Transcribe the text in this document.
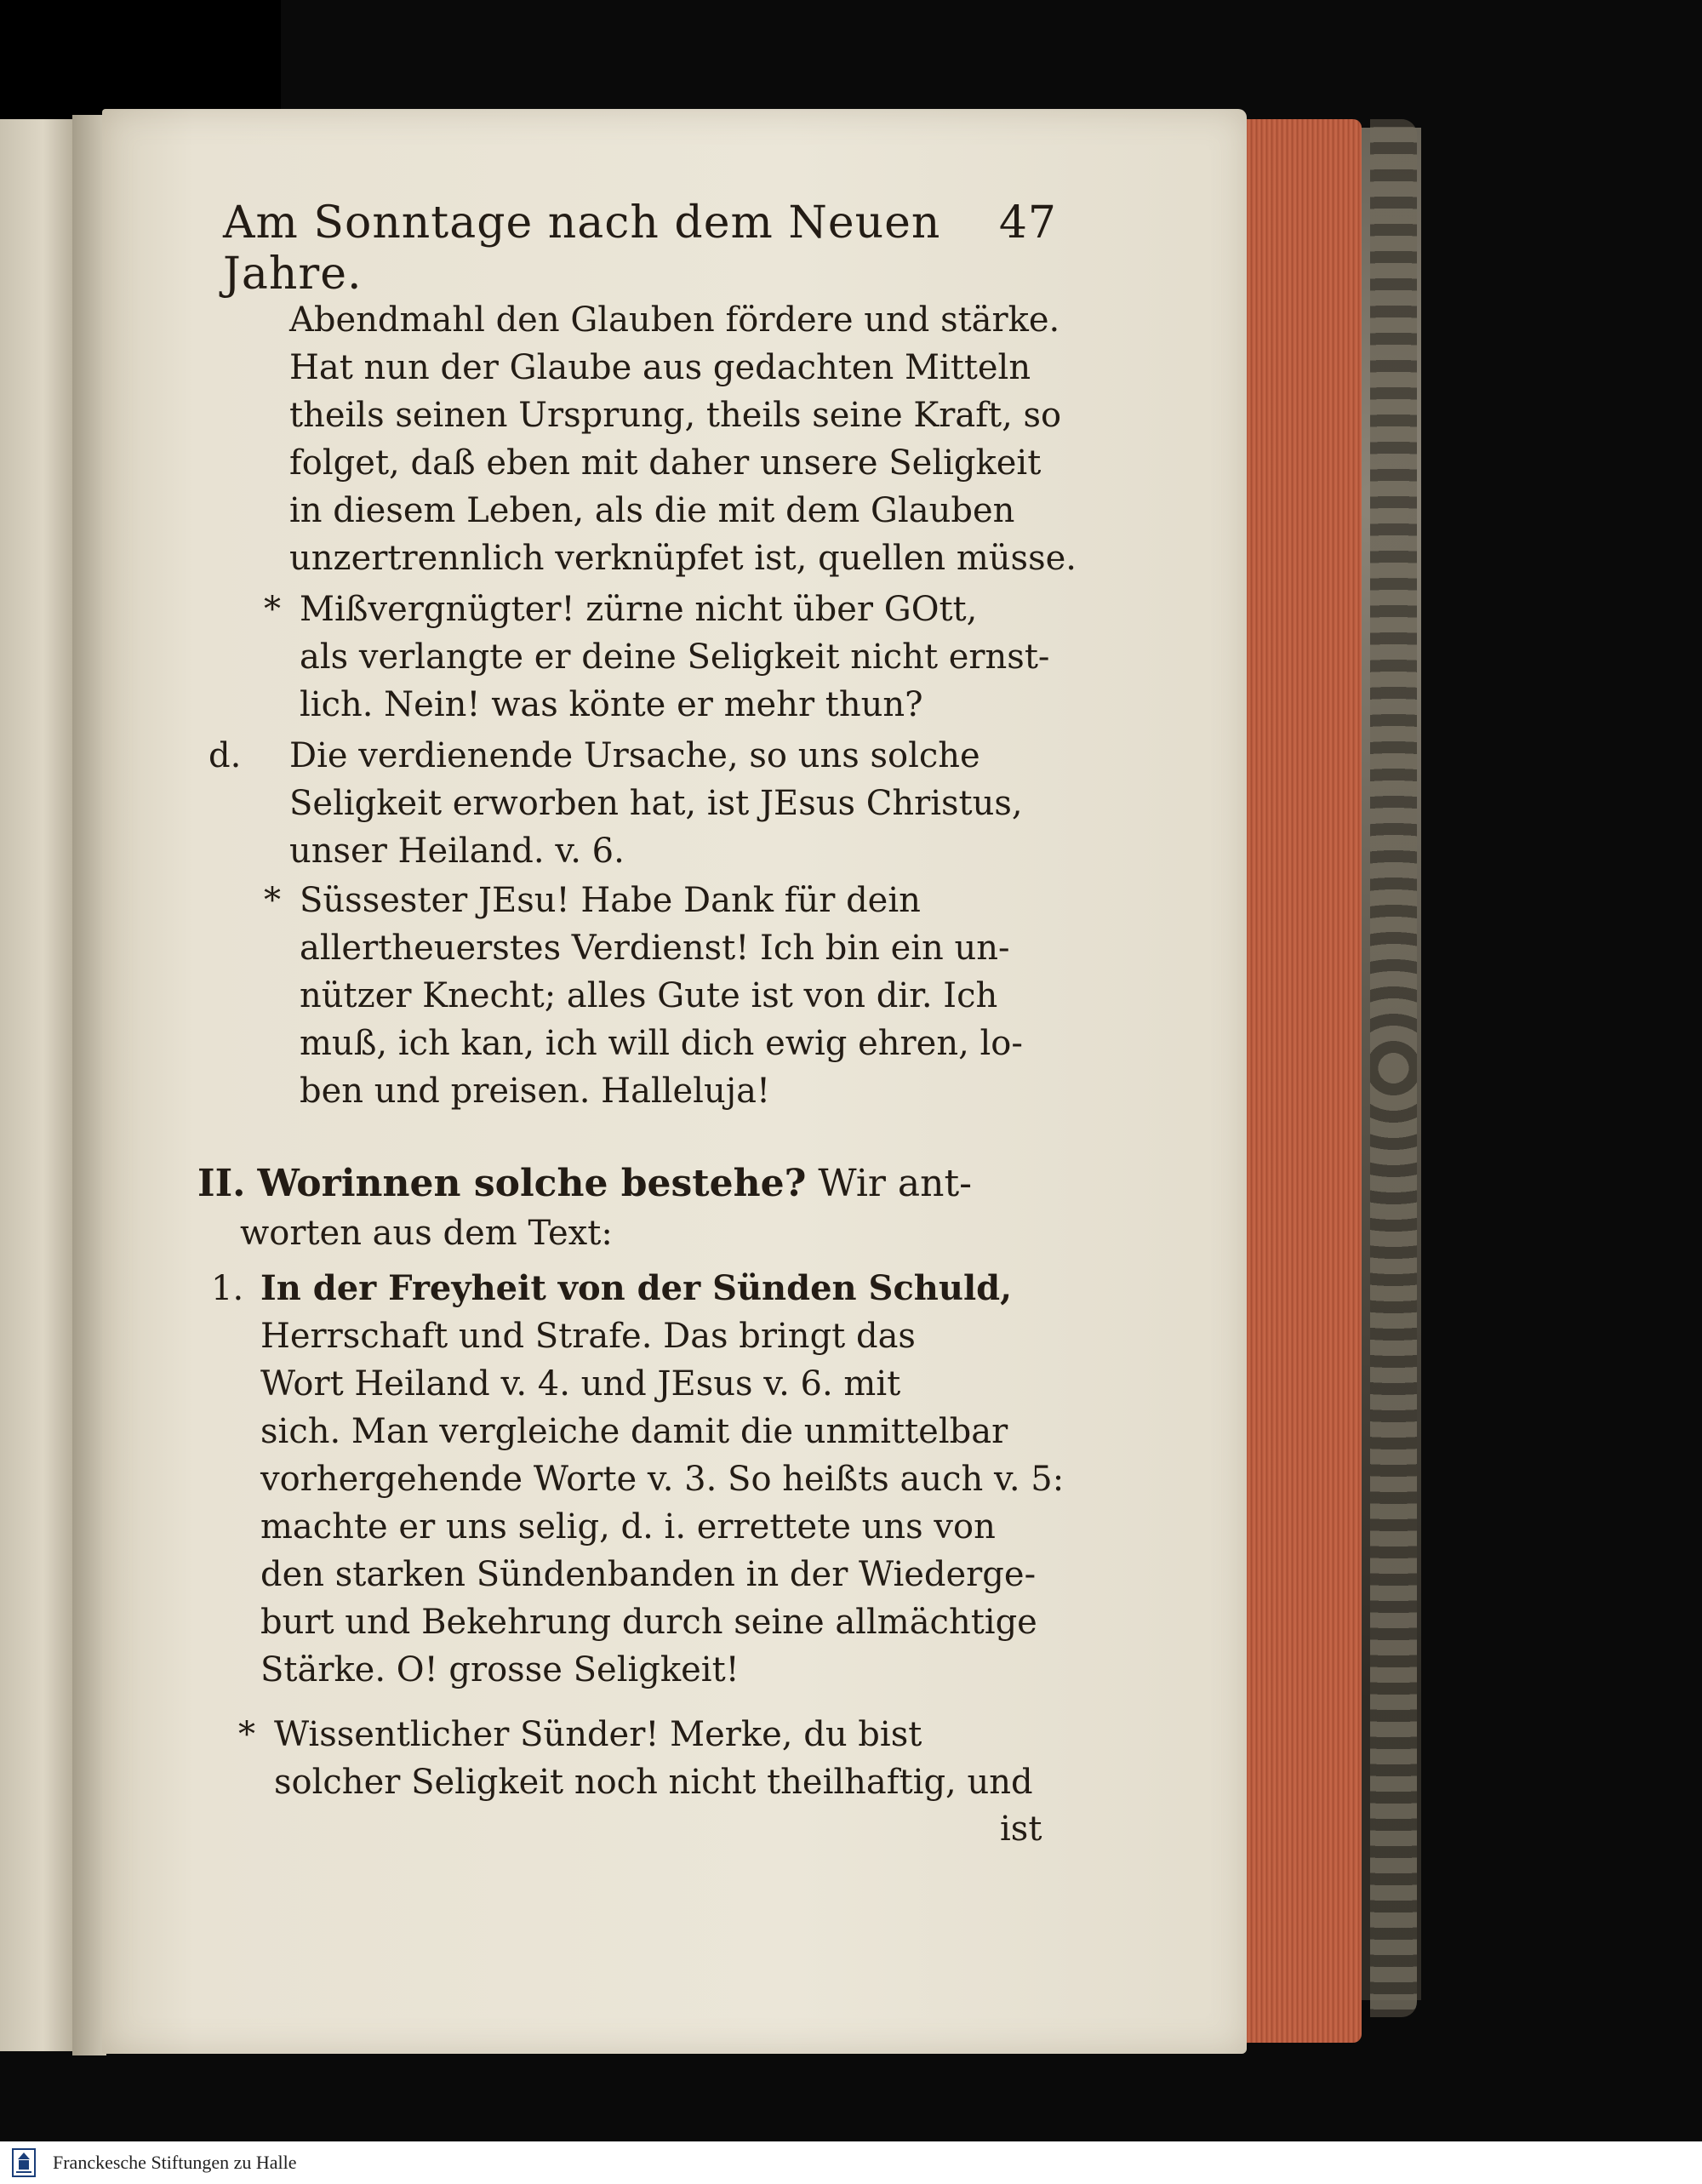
Am Sonntage nach dem Neuen Jahre.
47
Abendmahl den Glauben fördere und stärke.
Hat nun der Glaube aus gedachten Mitteln
theils seinen Ursprung, theils seine Kraft, so
folget, daß eben mit daher unsere Seligkeit
in diesem Leben, als die mit dem Glauben
unzertrennlich verknüpfet ist, quellen müsse.
* Mißvergnügter! zürne nicht über GOtt,
als verlangte er deine Seligkeit nicht ernst-
lich. Nein! was könte er mehr thun?
d. Die verdienende Ursache, so uns solche
Seligkeit erworben hat, ist JEsus Christus,
unser Heiland. v. 6.
* Süssester JEsu! Habe Dank für dein
allertheuerstes Verdienst! Ich bin ein un-
nützer Knecht; alles Gute ist von dir. Ich
muß, ich kan, ich will dich ewig ehren, lo-
ben und preisen. Halleluja!
II. Worinnen solche bestehe? Wir ant-
worten aus dem Text:
1. In der Freyheit von der Sünden Schuld,
Herrschaft und Strafe. Das bringt das
Wort Heiland v. 4. und JEsus v. 6. mit
sich. Man vergleiche damit die unmittelbar
vorhergehende Worte v. 3. So heißts auch v. 5:
machte er uns selig, d. i. errettete uns von
den starken Sündenbanden in der Wiederge-
burt und Bekehrung durch seine allmächtige
Stärke. O! grosse Seligkeit!
* Wissentlicher Sünder! Merke, du bist
solcher Seligkeit noch nicht theilhaftig, und
ist
Franckesche Stiftungen zu Halle
